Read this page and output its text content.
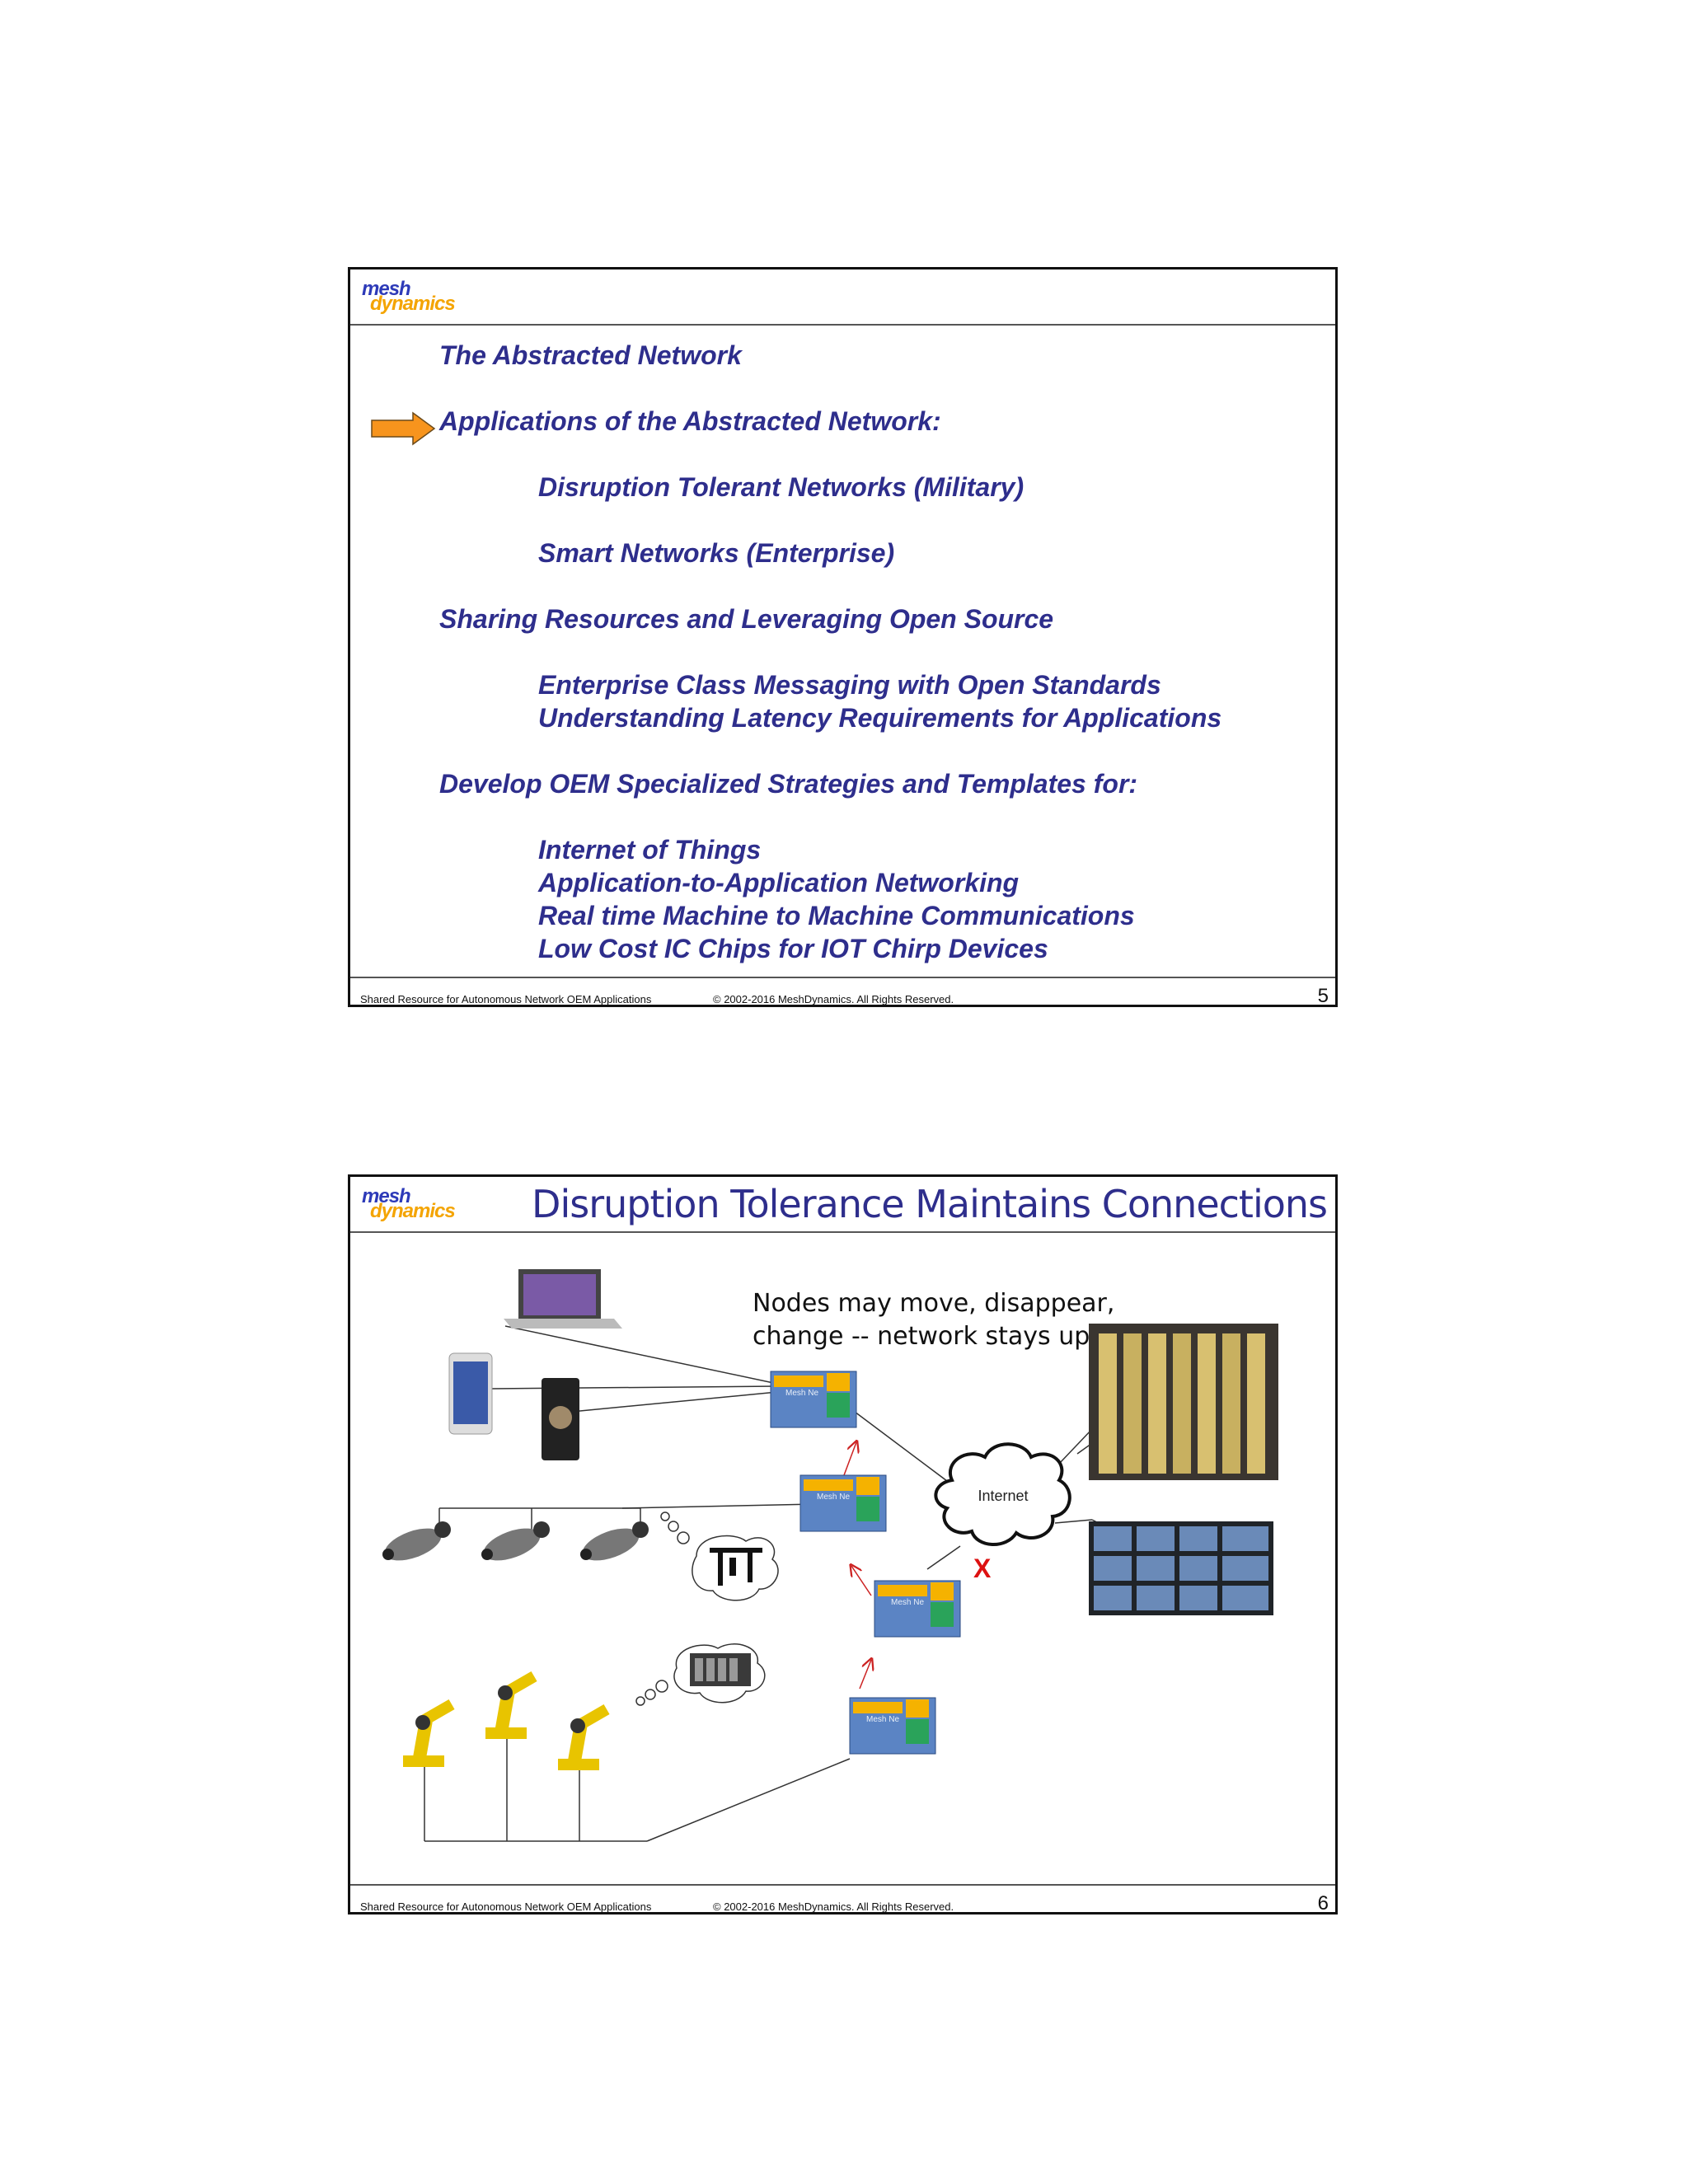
mesh
dynamics
The Abstracted Network
Applications of the Abstracted Network:
Disruption Tolerant Networks (Military)
Smart Networks (Enterprise)
Sharing Resources and Leveraging Open Source
Enterprise Class Messaging with Open Standards
Understanding Latency Requirements for Applications
Develop OEM Specialized Strategies and Templates for:
Internet of Things
Application-to-Application Networking
Real time Machine to Machine Communications
Low Cost IC Chips for IOT Chirp Devices
Shared Resource for Autonomous Network OEM Applications	© 2002-2016 MeshDynamics. All Rights Reserved.	5
mesh
dynamics Disruption Tolerance Maintains Connections
Mesh Ne
Mesh Ne
Mesh Ne
Mesh Ne
Internet
X
Nodes may move, disappear,
change -- network stays up
Shared Resource for Autonomous Network OEM Applications	© 2002-2016 MeshDynamics. All Rights Reserved.	6
